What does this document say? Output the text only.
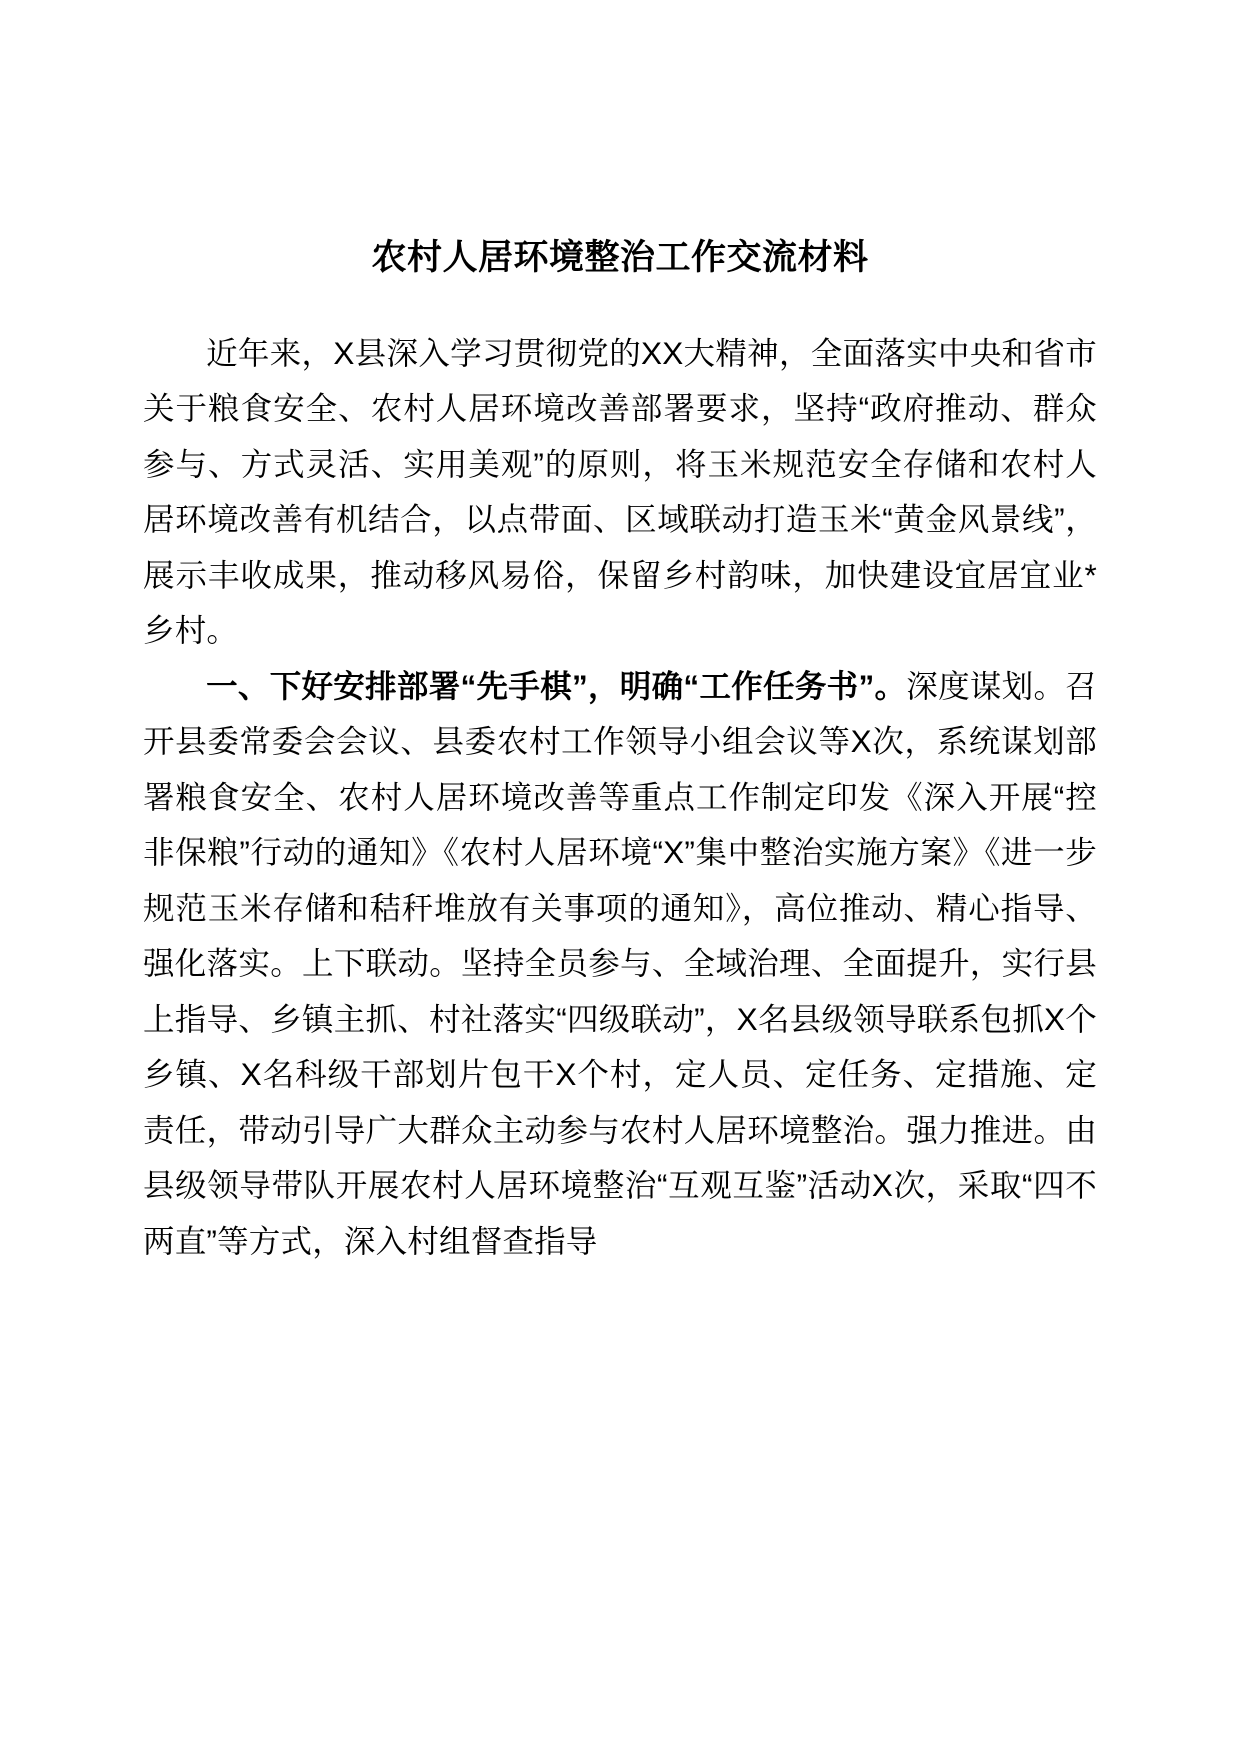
农村人居环境整治工作交流材料

近年来，X县深入学习贯彻党的XX大精神，全面落实中央和省市关于粮食安全、农村人居环境改善部署要求，坚持“政府推动、群众参与、方式灵活、实用美观”的原则，将玉米规范安全存储和农村人居环境改善有机结合，以点带面、区域联动打造玉米“黄金风景线”，展示丰收成果，推动移风易俗，保留乡村韵味，加快建设宜居宜业*乡村。

一、下好安排部署“先手棋”，明确“工作任务书”。深度谋划。召开县委常委会会议、县委农村工作领导小组会议等X次，系统谋划部署粮食安全、农村人居环境改善等重点工作制定印发《深入开展“控非保粮”行动的通知》《农村人居环境“X”集中整治实施方案》《进一步规范玉米存储和秸秆堆放有关事项的通知》，高位推动、精心指导、强化落实。上下联动。坚持全员参与、全域治理、全面提升，实行县上指导、乡镇主抓、村社落实“四级联动”，X名县级领导联系包抓X个乡镇、X名科级干部划片包干X个村，定人员、定任务、定措施、定责任，带动引导广大群众主动参与农村人居环境整治。强力推进。由县级领导带队开展农村人居环境整治“互观互鉴”活动X次，采取“四不两直”等方式，深入村组督查指导
